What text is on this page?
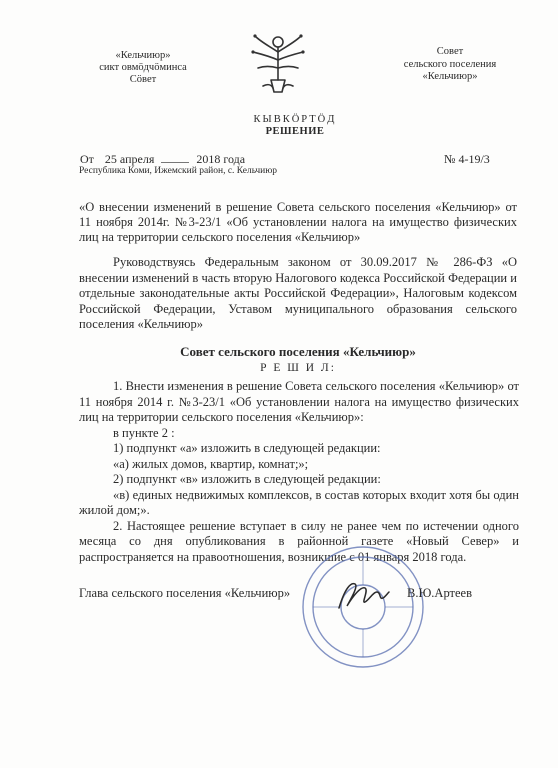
«Кельчиюр»
сикт овмӧдчӧминса
Сӧвет
Совет
сельского поселения
«Кельчиюр»
КЫВКӦРТӦД
РЕШЕНИЕ
От 25 апреля	2018 года	№ 4-19/3
Республика Коми, Ижемский район, с. Кельчиюр
«О внесении изменений в решение Совета сельского поселения «Кельчиюр» от 11 ноября 2014г. №3-23/1 «Об установлении налога на имущество физических лиц на территории сельского поселения «Кельчиюр»
Руководствуясь Федеральным законом от 30.09.2017 № 286-ФЗ «О внесении изменений в часть вторую Налогового кодекса Российской Федерации и отдельные законодательные акты Российской Федерации», Налоговым кодексом Российской Федерации, Уставом муниципального образования сельского поселения «Кельчиюр»
Совет сельского поселения «Кельчиюр»
Р Е Ш И Л:

1. Внести изменения в решение Совета сельского поселения «Кельчиюр» от 11 ноября 2014 г. №3-23/1 «Об установлении налога на имущество физических лиц на территории сельского поселения «Кельчиюр»:

в пункте 2 :

1) подпункт «а» изложить в следующей редакции:

«а) жилых домов, квартир, комнат;»;

2) подпункт «в» изложить в следующей редакции:

«в) единых недвижимых комплексов, в состав которых входит хотя бы один жилой дом;».

2. Настоящее решение вступает в силу не ранее чем по истечении одного месяца со дня опубликования в районной газете «Новый Север» и распространяется на правоотношения, возникшие с 01 января 2018 года.

Глава сельского поселения «Кельчиюр»	В.Ю.Артеев
